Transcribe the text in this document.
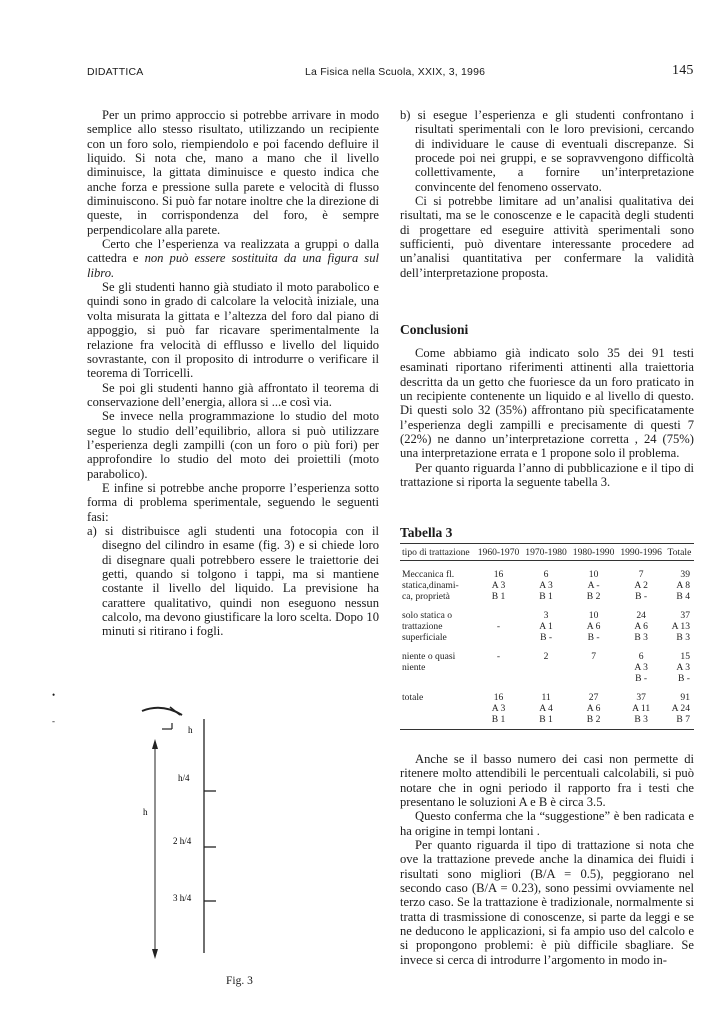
DIDATTICA	La Fisica nella Scuola, XXIX, 3, 1996	145

Per un primo approccio si potrebbe arrivare in modo semplice allo stesso risultato, utilizzando un recipiente con un foro solo, riempiendolo e poi facendo defluire il liquido. Si nota che, mano a mano che il livello diminuisce, la gittata diminuisce e questo indica che anche forza e pressione sulla parete e velocità di flusso diminuiscono. Si può far notare inoltre che la direzione di queste, in corrispondenza del foro, è sempre perpendicolare alla parete.

Certo che l’esperienza va realizzata a gruppi o dalla cattedra e non può essere sostituita da una figura sul libro.

Se gli studenti hanno già studiato il moto parabolico e quindi sono in grado di calcolare la velocità iniziale, una volta misurata la gittata e l’altezza del foro dal piano di appoggio, si può far ricavare sperimentalmente la relazione fra velocità di efflusso e livello del liquido sovrastante, con il proposito di introdurre o verificare il teorema di Torricelli.

Se poi gli studenti hanno già affrontato il teorema di conservazione dell’energia, allora si ...e così via.

Se invece nella programmazione lo studio del moto segue lo studio dell’equilibrio, allora si può utilizzare l’esperienza degli zampilli (con un foro o più fori) per approfondire lo studio del moto dei proiettili (moto parabolico).

E infine si potrebbe anche proporre l’esperienza sotto forma di problema sperimentale, seguendo le seguenti fasi:

a) si distribuisce agli studenti una fotocopia con il disegno del cilindro in esame (fig. 3) e si chiede loro di disegnare quali potrebbero essere le traiettorie dei getti, quando si tolgono i tappi, ma si mantiene costante il livello del liquido. La previsione ha carattere qualitativo, quindi non eseguono nessun calcolo, ma devono giustificare la loro scelta. Dopo 10 minuti si ritirano i fogli.

b) si esegue l’esperienza e gli studenti confrontano i risultati sperimentali con le loro previsioni, cercando di individuare le cause di eventuali discrepanze. Si procede poi nei gruppi, e se sopravvengono difficoltà collettivamente, a fornire un’interpretazione convincente del fenomeno osservato.

Ci si potrebbe limitare ad un’analisi qualitativa dei risultati, ma se le conoscenze e le capacità degli studenti di progettare ed eseguire attività sperimentali sono sufficienti, può diventare interessante procedere ad un’analisi quantitativa per confermare la validità dell’interpretazione proposta.

Conclusioni

Come abbiamo già indicato solo 35 dei 91 testi esaminati riportano riferimenti attinenti alla traiettoria descritta da un getto che fuoriesce da un foro praticato in un recipiente contenente un liquido e al livello di questo. Di questi solo 32 (35%) affrontano più specificatamente l’esperienza degli zampilli e precisamente di questi 7 (22%) ne danno un’interpretazione corretta , 24 (75%) una interpretazione errata e 1 propone solo il problema.

Per quanto riguarda l’anno di pubblicazione e il tipo di trattazione si riporta la seguente tabella 3.

Tabella 3
tipo di trattazione	1960-1970	1970-1980	1980-1990	1990-1996	Totale

Meccanica fl.	16	6	10	7	39
statica,dinami-	A 3	A 3	A -	A 2	A 8
ca, proprietà	B 1	B 1	B 2	B -	B 4

solo statica o		3	10	24	37
trattazione	-	A 1	A 6	A 6	A 13
superficiale		B -	B -	B 3	B 3

niente o quasi	-	2	7	6	15
niente				A 3	A 3
				B -	B -

totale	16	11	27	37	91
	A 3	A 4	A 6	A 11	A 24
	B 1	B 1	B 2	B 3	B 7

Anche se il basso numero dei casi non permette di ritenere molto attendibili le percentuali calcolabili, si può notare che in ogni periodo il rapporto fra i testi che presentano le soluzioni A e B è circa 3.5.

Questo conferma che la “suggestione” è ben radicata e ha origine in tempi lontani .

Per quanto riguarda il tipo di trattazione si nota che ove la trattazione prevede anche la dinamica dei fluidi i risultati sono migliori (B/A = 0.5), peggiorano nel secondo caso (B/A = 0.23), sono pessimi ovviamente nel terzo caso. Se la trattazione è tradizionale, normalmente si tratta di trasmissione di conoscenze, si parte da leggi e se ne deducono le applicazioni, si fa ampio uso del calcolo e si propongono problemi: è più difficile sbagliare. Se invece si cerca di introdurre l’argomento in modo in-

•
-
h
h/4
2 h/4
3 h/4
h
Fig. 3
